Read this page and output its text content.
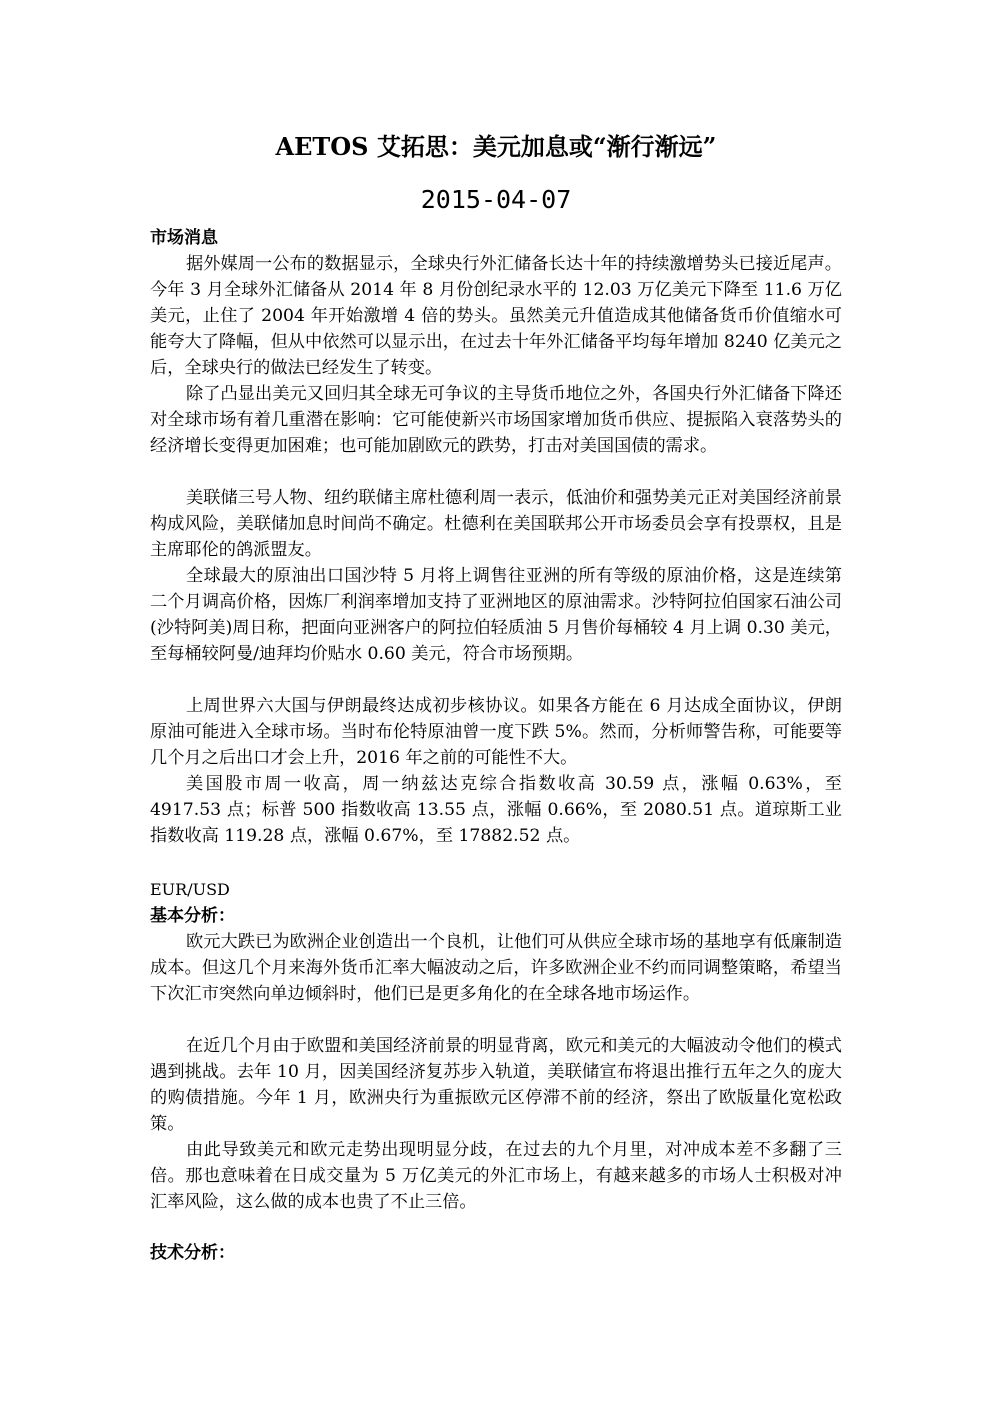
AETOS 艾拓思：美元加息或“渐行渐远”
2015-04-07
市场消息

据外媒周一公布的数据显示，全球央行外汇储备长达十年的持续激增势头已接近尾声。今年 3 月全球外汇储备从 2014 年 8 月份创纪录水平的 12.03 万亿美元下降至 11.6 万亿美元，止住了 2004 年开始激增 4 倍的势头。虽然美元升值造成其他储备货币价值缩水可能夸大了降幅，但从中依然可以显示出，在过去十年外汇储备平均每年增加 8240 亿美元之后，全球央行的做法已经发生了转变。

除了凸显出美元又回归其全球无可争议的主导货币地位之外，各国央行外汇储备下降还对全球市场有着几重潜在影响：它可能使新兴市场国家增加货币供应、提振陷入衰落势头的经济增长变得更加困难；也可能加剧欧元的跌势，打击对美国国债的需求。

美联储三号人物、纽约联储主席杜德利周一表示，低油价和强势美元正对美国经济前景构成风险，美联储加息时间尚不确定。杜德利在美国联邦公开市场委员会享有投票权，且是主席耶伦的鸽派盟友。

全球最大的原油出口国沙特 5 月将上调售往亚洲的所有等级的原油价格，这是连续第二个月调高价格，因炼厂利润率增加支持了亚洲地区的原油需求。沙特阿拉伯国家石油公司(沙特阿美)周日称，把面向亚洲客户的阿拉伯轻质油 5 月售价每桶较 4 月上调 0.30 美元，至每桶较阿曼/迪拜均价贴水 0.60 美元，符合市场预期。

上周世界六大国与伊朗最终达成初步核协议。如果各方能在 6 月达成全面协议，伊朗原油可能进入全球市场。当时布伦特原油曾一度下跌 5%。然而，分析师警告称，可能要等几个月之后出口才会上升，2016 年之前的可能性不大。

美国股市周一收高，周一纳兹达克综合指数收高 30.59 点，涨幅 0.63%，至 4917.53 点；标普 500 指数收高 13.55 点，涨幅 0.66%，至 2080.51 点。道琼斯工业指数收高 119.28 点，涨幅 0.67%，至 17882.52 点。

EUR/USD
基本分析：

欧元大跌已为欧洲企业创造出一个良机，让他们可从供应全球市场的基地享有低廉制造成本。但这几个月来海外货币汇率大幅波动之后，许多欧洲企业不约而同调整策略，希望当下次汇市突然向单边倾斜时，他们已是更多角化的在全球各地市场运作。

在近几个月由于欧盟和美国经济前景的明显背离，欧元和美元的大幅波动令他们的模式遇到挑战。去年 10 月，因美国经济复苏步入轨道，美联储宣布将退出推行五年之久的庞大的购债措施。今年 1 月，欧洲央行为重振欧元区停滞不前的经济，祭出了欧版量化宽松政策。

由此导致美元和欧元走势出现明显分歧，在过去的九个月里，对冲成本差不多翻了三倍。那也意味着在日成交量为 5 万亿美元的外汇市场上，有越来越多的市场人士积极对冲汇率风险，这么做的成本也贵了不止三倍。

技术分析：
